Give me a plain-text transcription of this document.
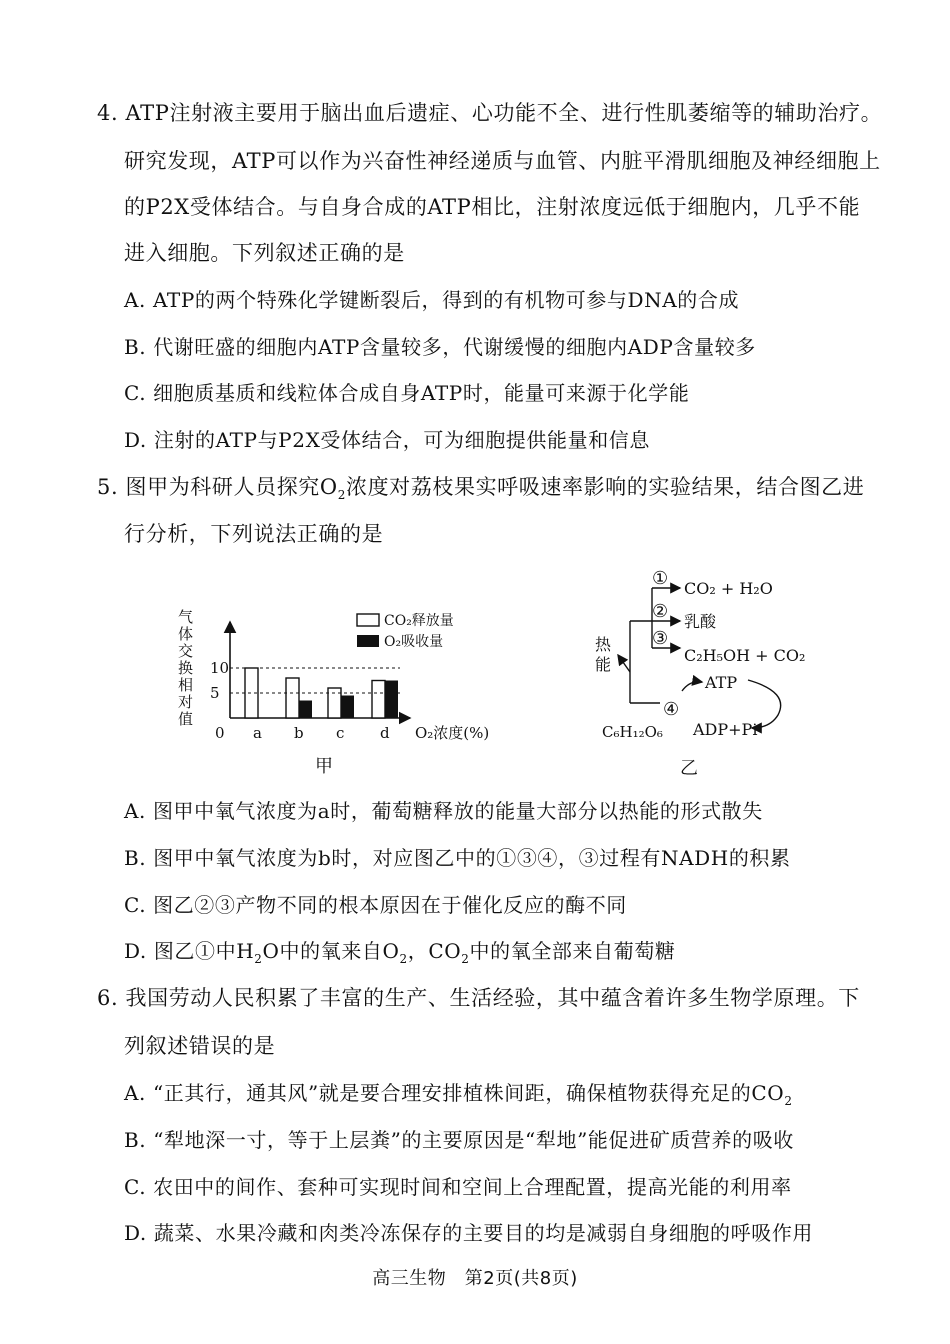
4. ATP注射液主要用于脑出血后遗症、心功能不全、进行性肌萎缩等的辅助治疗。
研究发现，ATP可以作为兴奋性神经递质与血管、内脏平滑肌细胞及神经细胞上
的P2X受体结合。与自身合成的ATP相比，注射浓度远低于细胞内，几乎不能
进入细胞。下列叙述正确的是
A. ATP的两个特殊化学键断裂后，得到的有机物可参与DNA的合成
B. 代谢旺盛的细胞内ATP含量较多，代谢缓慢的细胞内ADP含量较多
C. 细胞质基质和线粒体合成自身ATP时，能量可来源于化学能
D. 注射的ATP与P2X受体结合，可为细胞提供能量和信息
5. 图甲为科研人员探究$O_2$浓度对荔枝果实呼吸速率影响的实验结果，结合图乙进
行分析，下列说法正确的是
气
体
交
换
相
对
值
0	O₂浓度(%)
甲
CO₂释放量
O₂吸收量
a b c d
5
10
①
②
③
CO₂ + H₂O
乳酸
C₂H₅OH + CO₂
热
能
④
ATP
ADP+Pi
C₆H₁₂O₆
乙
A. 图甲中氧气浓度为a时，葡萄糖释放的能量大部分以热能的形式散失
B. 图甲中氧气浓度为b时，对应图乙中的①③④，③过程有NADH的积累
C. 图乙②③产物不同的根本原因在于催化反应的酶不同
D. 图乙①中$H_2O$中的氧来自$O_2$，$CO_2$中的氧全部来自葡萄糖
6. 我国劳动人民积累了丰富的生产、生活经验，其中蕴含着许多生物学原理。下
列叙述错误的是
A. “正其行，通其风”就是要合理安排植株间距，确保植物获得充足的$CO_2$
B. “犁地深一寸，等于上层粪”的主要原因是“犁地”能促进矿质营养的吸收
C. 农田中的间作、套种可实现时间和空间上合理配置，提高光能的利用率
D. 蔬菜、水果冷藏和肉类冷冻保存的主要目的均是减弱自身细胞的呼吸作用
高三生物　第2页(共8页)
